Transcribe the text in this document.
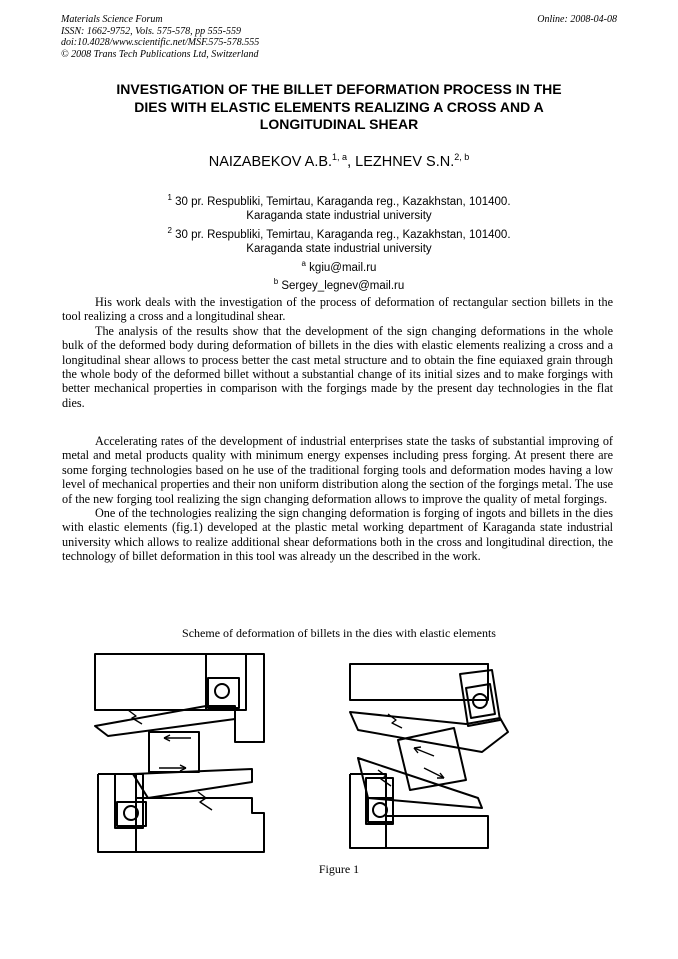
Materials Science Forum
ISSN: 1662-9752, Vols. 575-578, pp 555-559
doi:10.4028/www.scientific.net/MSF.575-578.555
© 2008 Trans Tech Publications Ltd, Switzerland
Online: 2008-04-08
INVESTIGATION OF THE BILLET DEFORMATION PROCESS IN THE
DIES WITH ELASTIC ELEMENTS REALIZING A CROSS AND A
LONGITUDINAL SHEAR
NAIZABEKOV A.B.$^{1, a}$, LEZHNEV S.N.$^{2, b}$
$^1$ 30 pr. Respubliki, Temirtau, Karaganda reg., Kazakhstan, 101400.
Karaganda state industrial university
$^2$ 30 pr. Respubliki, Temirtau, Karaganda reg., Kazakhstan, 101400.
Karaganda state industrial university
$^a$ kgiu@mail.ru
$^b$ Sergey_legnev@mail.ru

His work deals with the investigation of the process of deformation of rectangular section billets in the tool realizing a cross and a longitudinal shear.

The analysis of the results show that the development of the sign changing deformations in the whole bulk of the deformed body during deformation of billets in the dies with elastic elements realizing a cross and a longitudinal shear allows to process better the cast metal structure and to obtain the fine equiaxed grain through the whole body of the deformed billet without a substantial change of its initial sizes and to make forgings with better mechanical properties in comparison with the forgings made by the present day technologies in the flat dies.

Accelerating rates of the development of industrial enterprises state the tasks of substantial improving of metal and metal products quality with minimum energy expenses including press forging. At present there are some forging technologies based on he use of the traditional forging tools and deformation modes having a low level of mechanical properties and their non uniform distribution along the section of the forgings metal. The use of the new forging tool realizing the sign changing deformation allows to improve the quality of metal forgings.

One of the technologies realizing the sign changing deformation is forging of ingots and billets in the dies with elastic elements (fig.1) developed at the plastic metal working department of Karaganda state industrial university which allows to realize additional shear deformations both in the cross and longitudinal direction, the technology of billet deformation in this tool was already un the described in the work.

Scheme of deformation of billets in the dies with elastic elements
Figure 1
